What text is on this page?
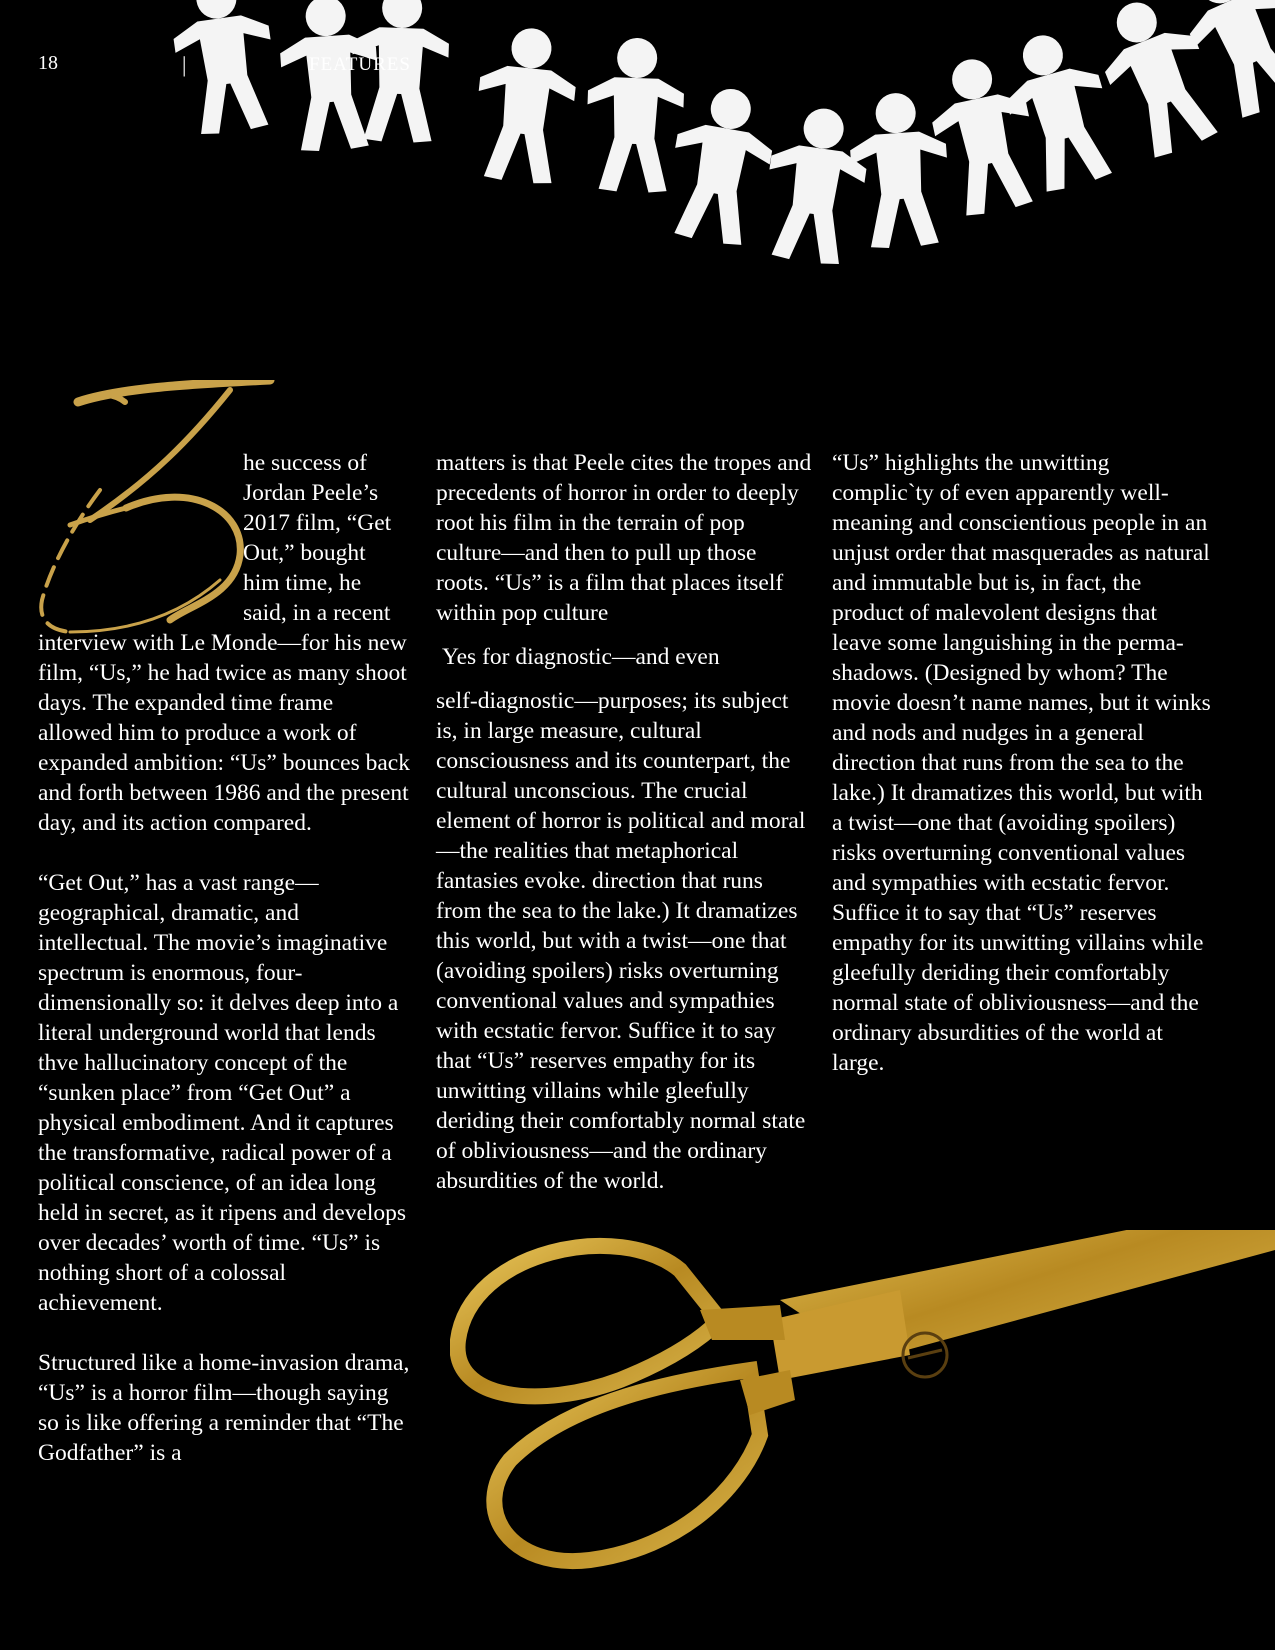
18	|	FEATURES

he success of

Jordan Peele’s

2017 film, “Get

Out,” bought

him time, he

said, in a recent

interview with Le Monde—for his new film, “Us,” he had twice as many shoot days. The expanded time frame allowed him to produce a work of expanded ambition: “Us” bounces back and forth between 1986 and the present day, and its action compared.

“Get Out,” has a vast range—geographical, dramatic, and intellectual. The movie’s imaginative spectrum is enormous, four-dimensionally so: it delves deep into a literal underground world that lends thve hallucinatory concept of the “sunken place” from “Get Out” a physical embodiment. And it captures the transformative, radical power of a political conscience, of an idea long held in secret, as it ripens and develops over decades’ worth of time. “Us” is nothing short of a colossal achievement.

Structured like a home-invasion drama, “Us” is a horror film—though saying so is like offering a reminder that “The Godfather” is a

matters is that Peele cites the tropes and precedents of horror in order to deeply root his film in the terrain of pop culture—and then to pull up those roots. “Us” is a film that places itself within pop culture

Yes for diagnostic—and even

self-diagnostic—purposes; its subject is, in large measure, cultural consciousness and its counterpart, the cultural unconscious. The crucial element of horror is political and moral—the realities that metaphorical fantasies evoke. direction that runs from the sea to the lake.) It dramatizes this world, but with a twist—one that (avoiding spoilers) risks overturning conventional values and sympathies with ecstatic fervor. Suffice it to say that “Us” reserves empathy for its unwitting villains while gleefully deriding their comfortably normal state of obliviousness—and the ordinary absurdities of the world.

“Us” highlights the unwitting complic`ty of even apparently well-meaning and conscientious people in an unjust order that masquerades as natural and immutable but is, in fact, the product of malevolent designs that leave some languishing in the perma-shadows. (Designed by whom? The movie doesn’t name names, but it winks and nods and nudges in a general direction that runs from the sea to the lake.) It dramatizes this world, but with a twist—one that (avoiding spoilers) risks overturning conventional values and sympathies with ecstatic fervor. Suffice it to say that “Us” reserves empathy for its unwitting villains while gleefully deriding their comfortably normal state of obliviousness—and the ordinary absurdities of the world at large.
